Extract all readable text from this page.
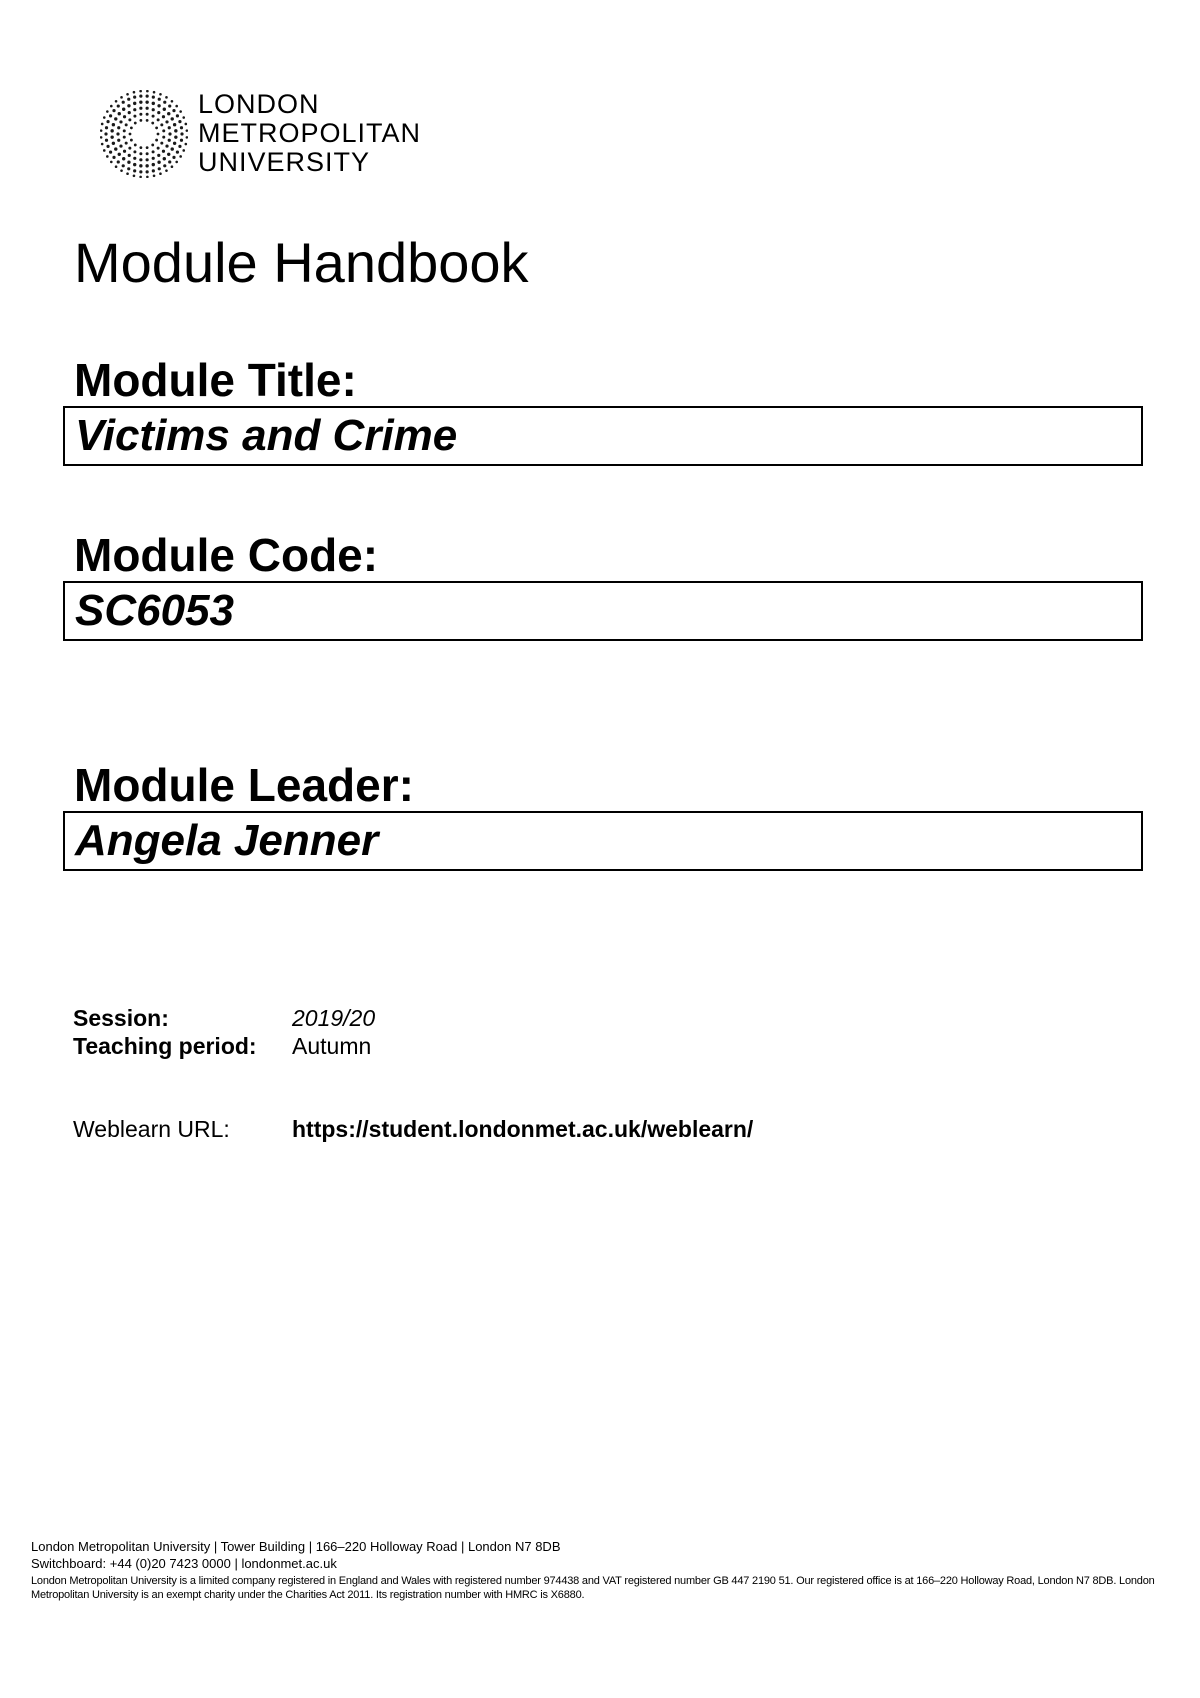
LONDON
METROPOLITAN
UNIVERSITY
Module Handbook
Module Title:
Victims and Crime
Module Code:
SC6053
Module Leader:
Angela Jenner
Session:	2019/20
Teaching period: Autumn
Weblearn URL:	https://student.londonmet.ac.uk/weblearn/
London Metropolitan University | Tower Building | 166–220 Holloway Road | London N7 8DB
Switchboard: +44 (0)20 7423 0000 | londonmet.ac.uk
London Metropolitan University is a limited company registered in England and Wales with registered number 974438 and VAT registered number GB 447 2190 51. Our registered office is at 166–220 Holloway Road, London N7 8DB. London Metropolitan University is an exempt charity under the Charities Act 2011. Its registration number with HMRC is X6880.
